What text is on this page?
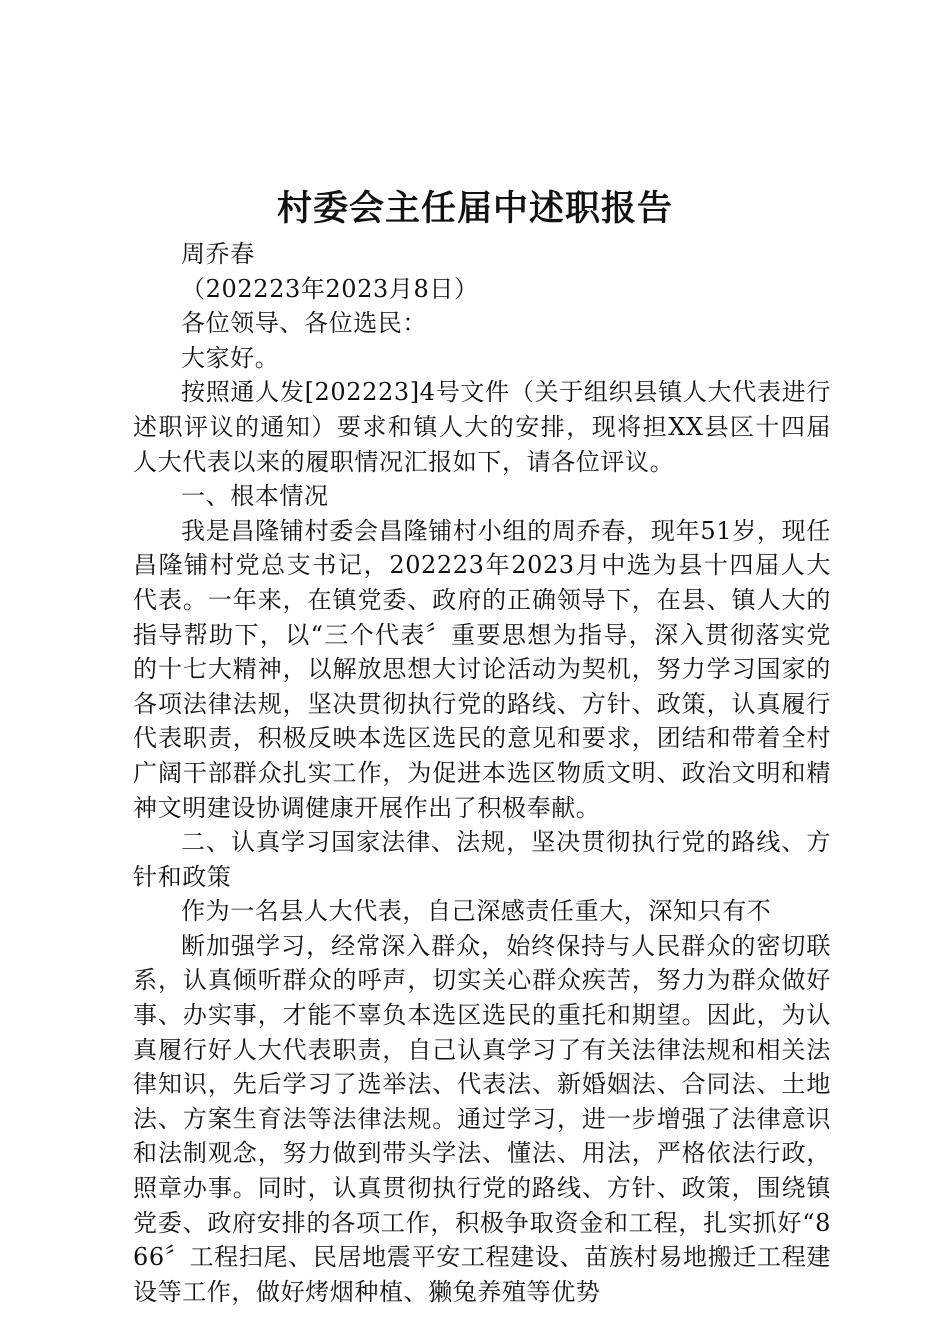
村委会主任届中述职报告

周乔春

（202223年2023月8日）

各位领导、各位选民：

大家好。

按照通人发[202223]4号文件（关于组织县镇人大代表进行述职评议的通知）要求和镇人大的安排，现将担XX县区十四届人大代表以来的履职情况汇报如下，请各位评议。

一、根本情况

我是昌隆铺村委会昌隆铺村小组的周乔春，现年51岁，现任昌隆铺村党总支书记，202223年2023月中选为县十四届人大代表。一年来，在镇党委、政府的正确领导下，在县、镇人大的指导帮助下，以“三个代表〞重要思想为指导，深入贯彻落实党的十七大精神，以解放思想大讨论活动为契机，努力学习国家的各项法律法规，坚决贯彻执行党的路线、方针、政策，认真履行代表职责，积极反映本选区选民的意见和要求，团结和带着全村广阔干部群众扎实工作，为促进本选区物质文明、政治文明和精神文明建设协调健康开展作出了积极奉献。

二、认真学习国家法律、法规，坚决贯彻执行党的路线、方针和政策

作为一名县人大代表，自己深感责任重大，深知只有不

断加强学习，经常深入群众，始终保持与人民群众的密切联系，认真倾听群众的呼声，切实关心群众疾苦，努力为群众做好事、办实事，才能不辜负本选区选民的重托和期望。因此，为认真履行好人大代表职责，自己认真学习了有关法律法规和相关法律知识，先后学习了选举法、代表法、新婚姻法、合同法、土地法、方案生育法等法律法规。通过学习，进一步增强了法律意识和法制观念，努力做到带头学法、懂法、用法，严格依法行政，照章办事。同时，认真贯彻执行党的路线、方针、政策，围绕镇党委、政府安排的各项工作，积极争取资金和工程，扎实抓好“866〞工程扫尾、民居地震平安工程建设、苗族村易地搬迁工程建设等工作，做好烤烟种植、獭兔养殖等优势
